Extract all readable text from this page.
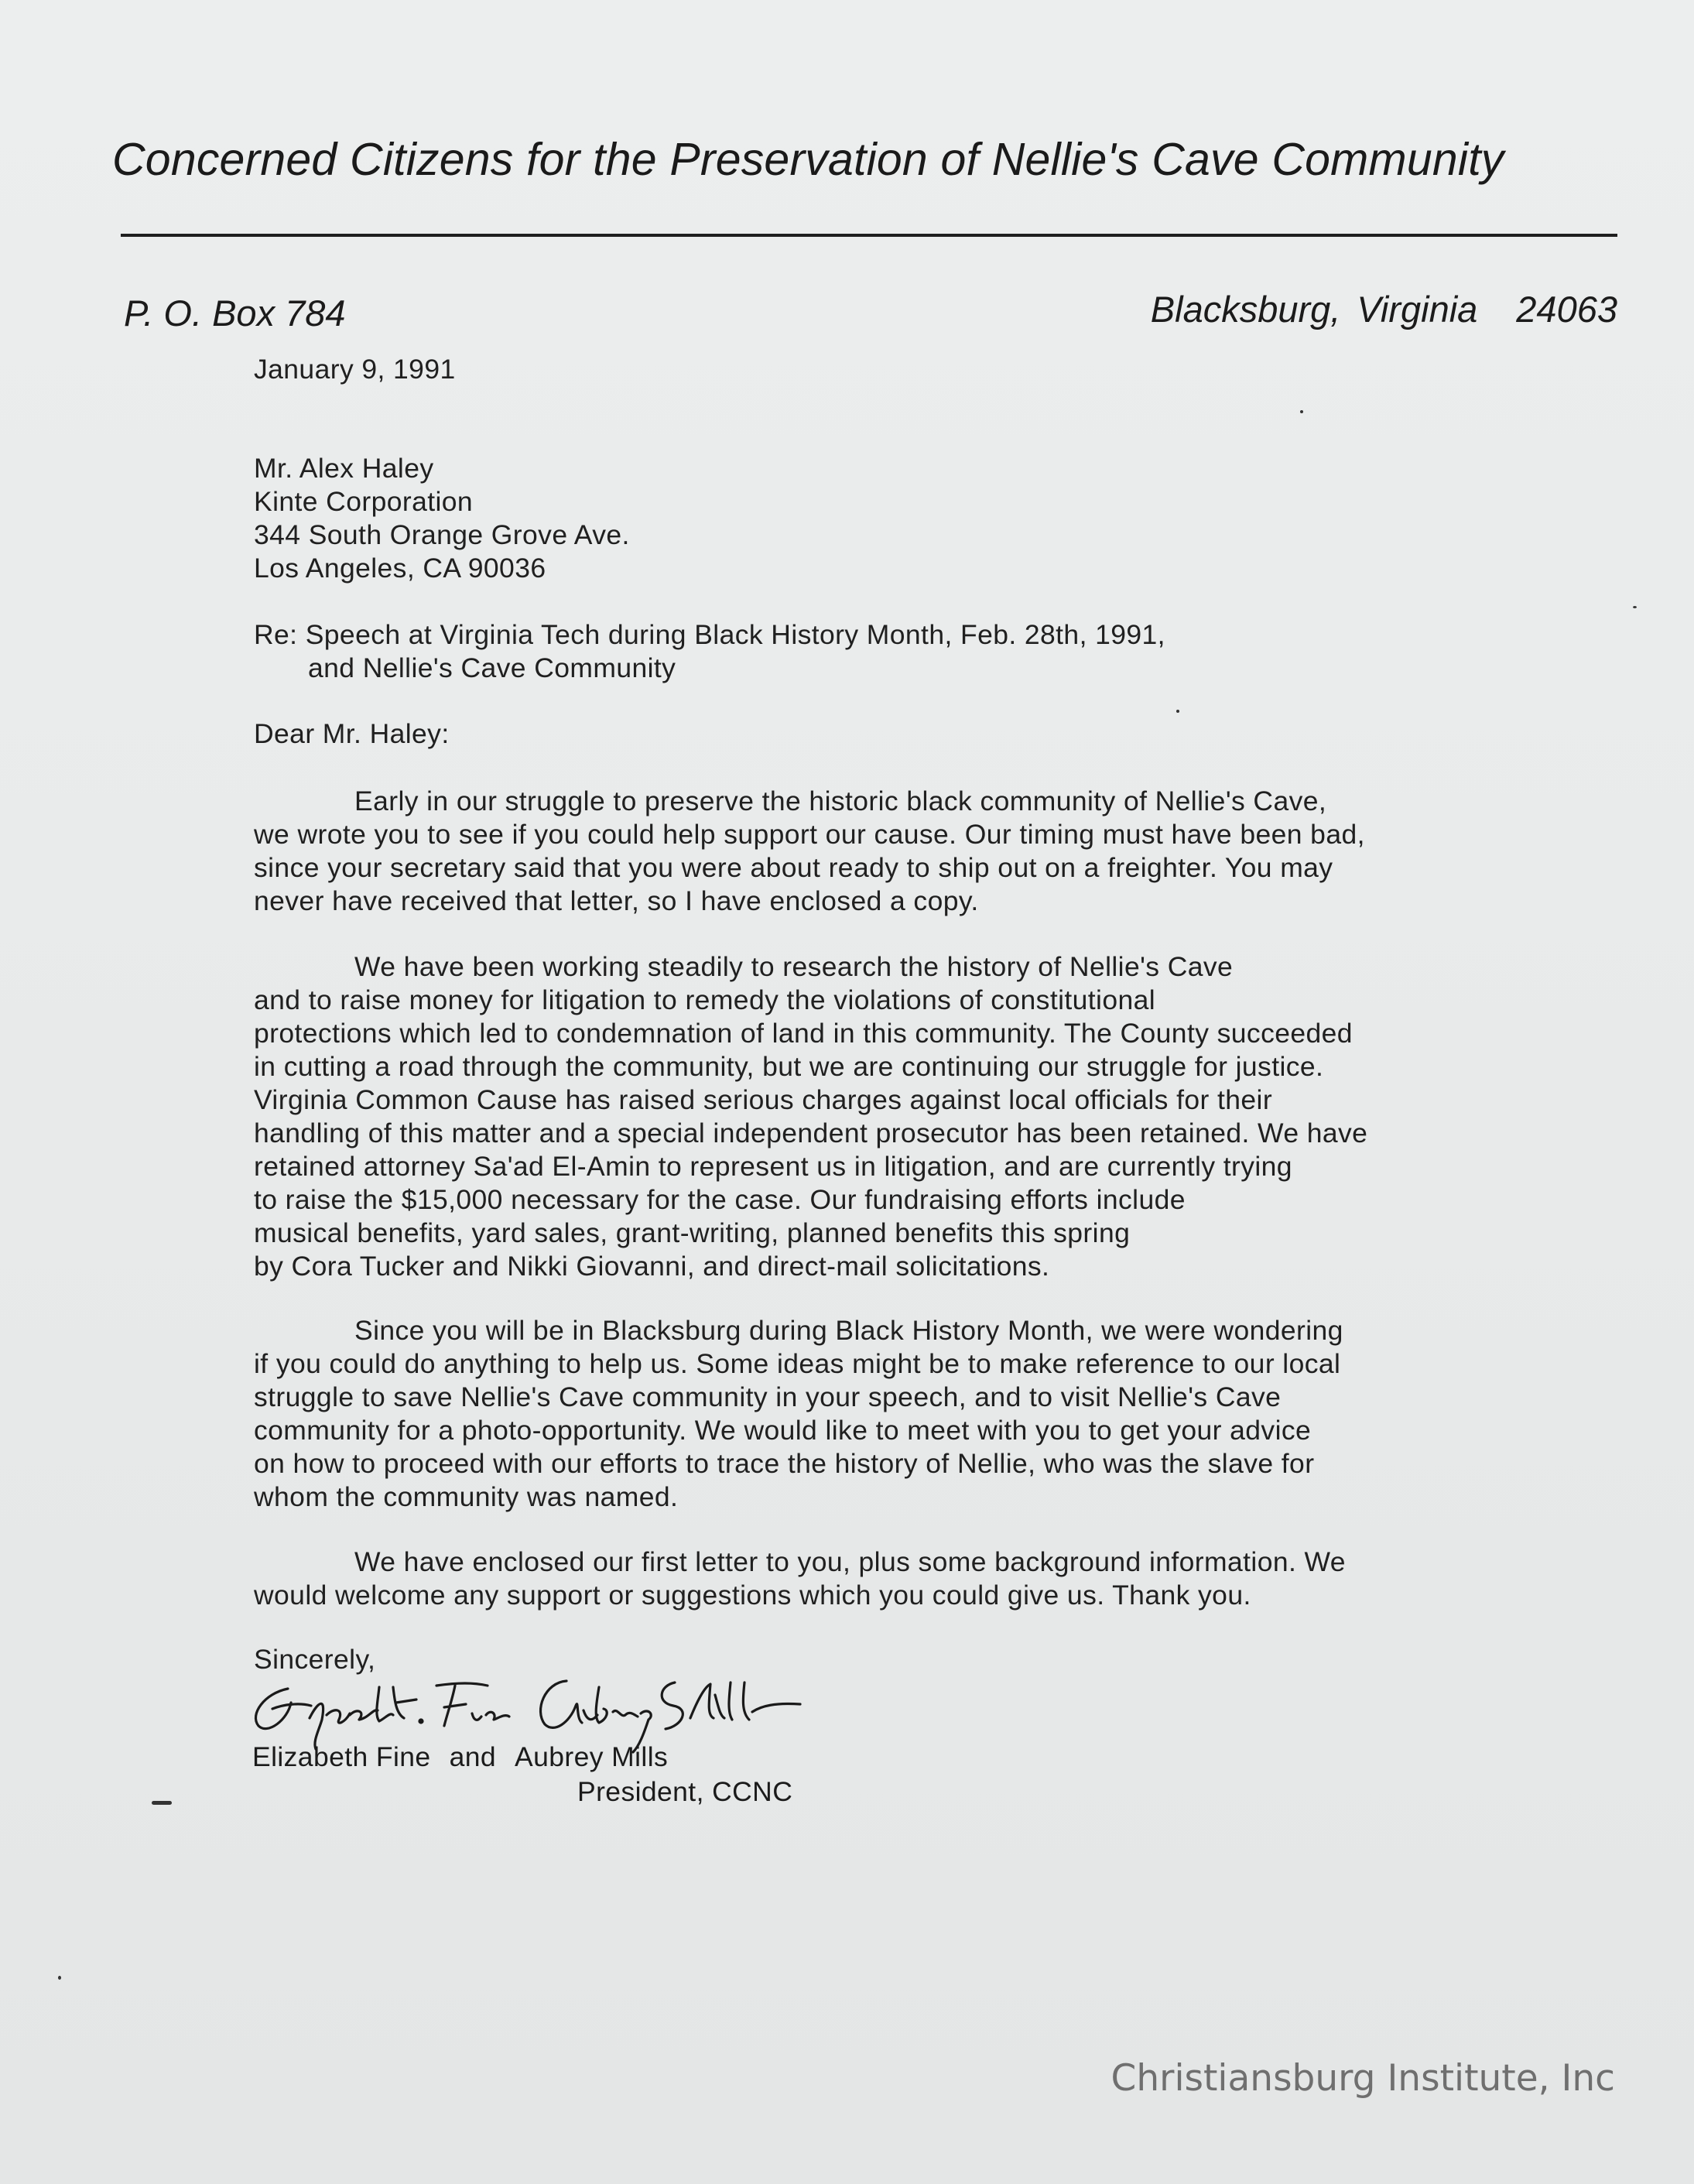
Concerned Citizens for the Preservation of Nellie's Cave Community
P. O. Box 784	Blacksburg, Virginia 24063
January 9, 1991
Mr. Alex Haley
Kinte Corporation
344 South Orange Grove Ave.
Los Angeles, CA 90036
Re: Speech at Virginia Tech during Black History Month, Feb. 28th, 1991,
and Nellie's Cave Community
Dear Mr. Haley:
Early in our struggle to preserve the historic black community of Nellie's Cave,
we wrote you to see if you could help support our cause. Our timing must have been bad,
since your secretary said that you were about ready to ship out on a freighter. You may
never have received that letter, so I have enclosed a copy.
We have been working steadily to research the history of Nellie's Cave
and to raise money for litigation to remedy the violations of constitutional
protections which led to condemnation of land in this community. The County succeeded
in cutting a road through the community, but we are continuing our struggle for justice.
Virginia Common Cause has raised serious charges against local officials for their
handling of this matter and a special independent prosecutor has been retained. We have
retained attorney Sa'ad El-Amin to represent us in litigation, and are currently trying
to raise the $15,000 necessary for the case. Our fundraising efforts include
musical benefits, yard sales, grant-writing, planned benefits this spring
by Cora Tucker and Nikki Giovanni, and direct-mail solicitations.
Since you will be in Blacksburg during Black History Month, we were wondering
if you could do anything to help us. Some ideas might be to make reference to our local
struggle to save Nellie's Cave community in your speech, and to visit Nellie's Cave
community for a photo-opportunity. We would like to meet with you to get your advice
on how to proceed with our efforts to trace the history of Nellie, who was the slave for
whom the community was named.
We have enclosed our first letter to you, plus some background information. We
would welcome any support or suggestions which you could give us. Thank you.
Sincerely,
Elizabeth Fine and Aubrey Mills
President, CCNC
Christiansburg Institute, Inc
